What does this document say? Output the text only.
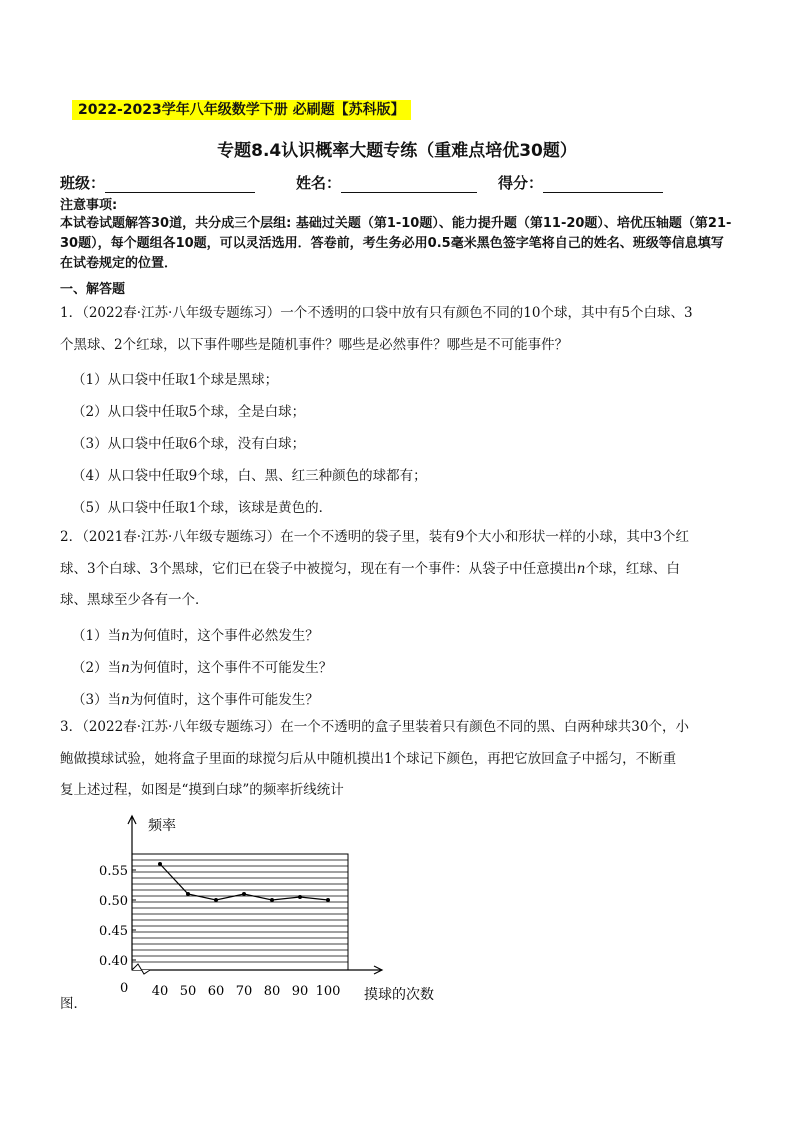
2022-2023学年八年级数学下册 必刷题【苏科版】
专题8.4认识概率大题专练（重难点培优30题）
班级：	姓名：	得分：
注意事项:
本试卷试题解答30道，共分成三个层组: 基础过关题（第1-10题）、能力提升题（第11-20题）、培优压轴题（第21-30题），每个题组各10题，可以灵活选用．答卷前，考生务必用0.5毫米黑色签字笔将自己的姓名、班级等信息填写在试卷规定的位置．
一、解答题
1．（2022春·江苏·八年级专题练习）一个不透明的口袋中放有只有颜色不同的10个球，其中有5个白球、3
个黑球、2个红球，以下事件哪些是随机事件？哪些是必然事件？哪些是不可能事件？
（1）从口袋中任取1个球是黑球；
（2）从口袋中任取5个球，全是白球；
（3）从口袋中任取6个球，没有白球；
（4）从口袋中任取9个球，白、黑、红三种颜色的球都有；
（5）从口袋中任取1个球，该球是黄色的．
2．（2021春·江苏·八年级专题练习）在一个不透明的袋子里，装有9个大小和形状一样的小球，其中3个红
球、3个白球、3个黑球，它们已在袋子中被搅匀，现在有一个事件：从袋子中任意摸出n个球，红球、白
球、黑球至少各有一个．
（1）当n为何值时，这个事件必然发生？
（2）当n为何值时，这个事件不可能发生？
（3）当n为何值时，这个事件可能发生？
3．（2022春·江苏·八年级专题练习）在一个不透明的盒子里装着只有颜色不同的黑、白两种球共30个，小
鲍做摸球试验，她将盒子里面的球搅匀后从中随机摸出1个球记下颜色，再把它放回盒子中摇匀，不断重
复上述过程，如图是“摸到白球”的频率折线统计
0.40
0.45
0.50
0.55
40 50 60 70 80 90 100
频率
摸球的次数
0
图．
